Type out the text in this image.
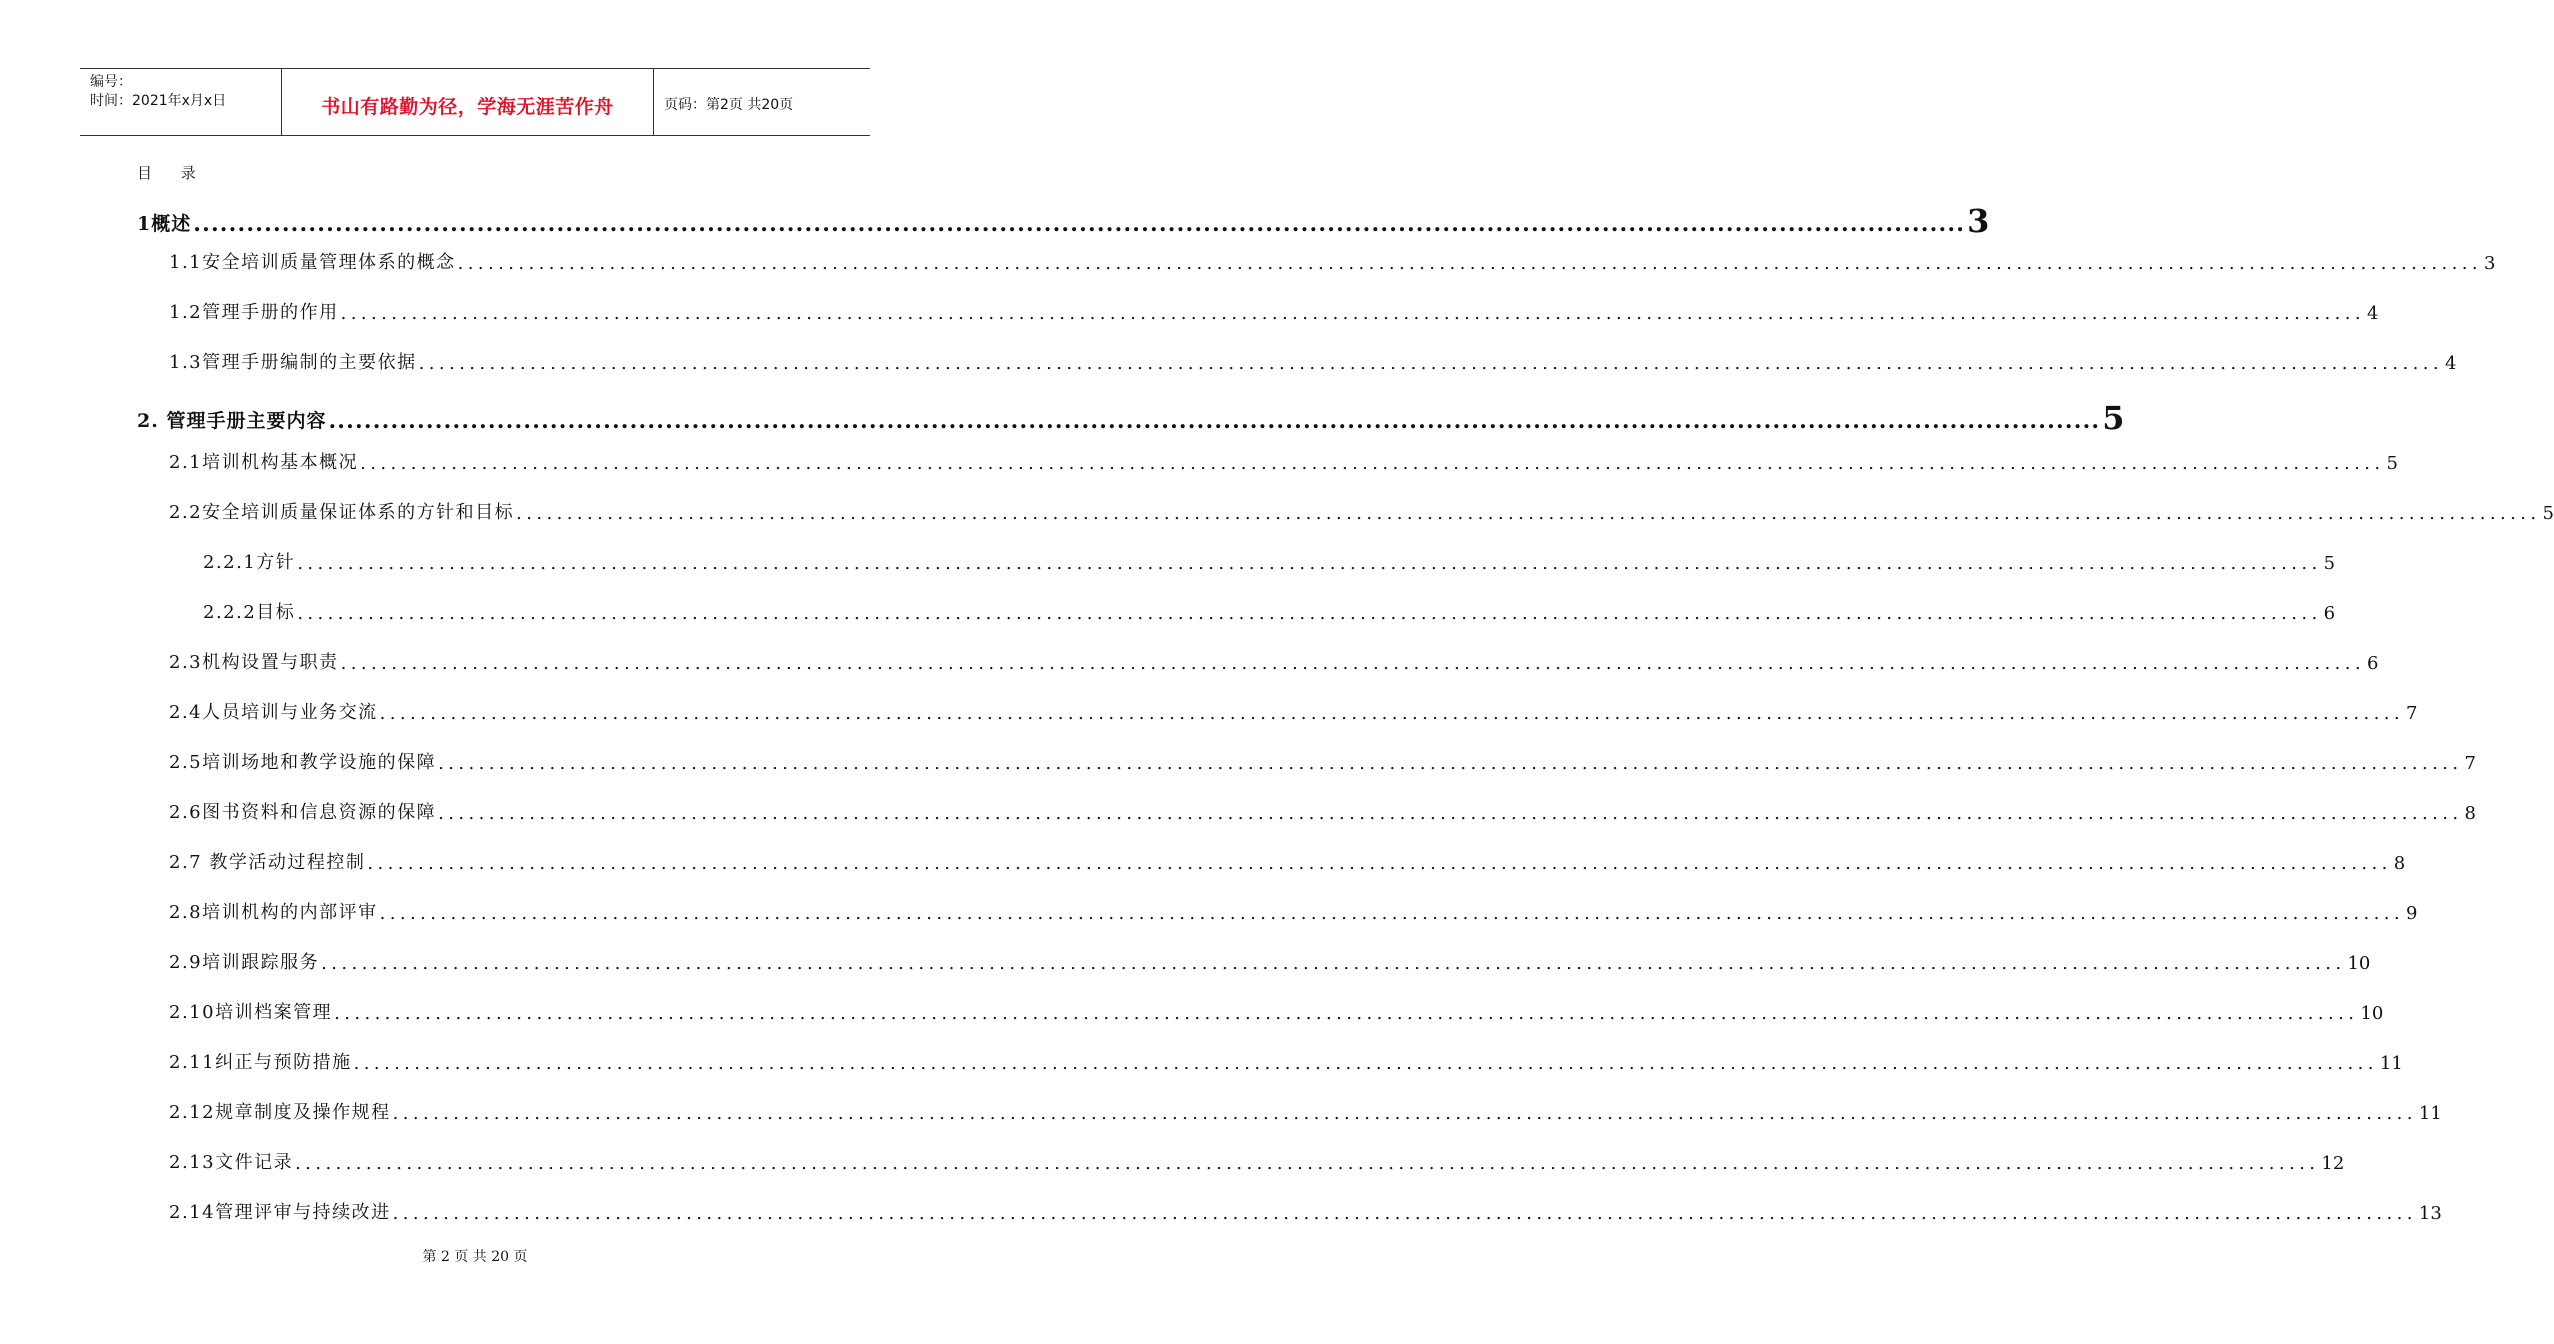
编号：
时间：2021年x月x日	书山有路勤为径，学海无涯苦作舟	页码：第2页 共20页
目 录
1概述 ........................................................................................................................................................................................................ 3
1.1安全培训质量管理体系的概念 ........................................................................................................................................................................................................ 3
1.2管理手册的作用 ........................................................................................................................................................................................................ 4
1.3管理手册编制的主要依据 ........................................................................................................................................................................................................ 4
2. 管理手册主要内容 ........................................................................................................................................................................................................ 5
2.1培训机构基本概况 ........................................................................................................................................................................................................ 5
2.2安全培训质量保证体系的方针和目标 ........................................................................................................................................................................................................ 5
2.2.1方针 ........................................................................................................................................................................................................ 5
2.2.2目标 ........................................................................................................................................................................................................ 6
2.3机构设置与职责 ........................................................................................................................................................................................................ 6
2.4人员培训与业务交流 ........................................................................................................................................................................................................ 7
2.5培训场地和教学设施的保障 ........................................................................................................................................................................................................ 7
2.6图书资料和信息资源的保障 ........................................................................................................................................................................................................ 8
2.7 教学活动过程控制 ........................................................................................................................................................................................................ 8
2.8培训机构的内部评审 ........................................................................................................................................................................................................ 9
2.9培训跟踪服务 ........................................................................................................................................................................................................ 10
2.10培训档案管理 ........................................................................................................................................................................................................ 10
2.11纠正与预防措施 ........................................................................................................................................................................................................ 11
2.12规章制度及操作规程 ........................................................................................................................................................................................................ 11
2.13文件记录 ........................................................................................................................................................................................................ 12
2.14管理评审与持续改进 ........................................................................................................................................................................................................ 13
第 2 页 共 20 页
